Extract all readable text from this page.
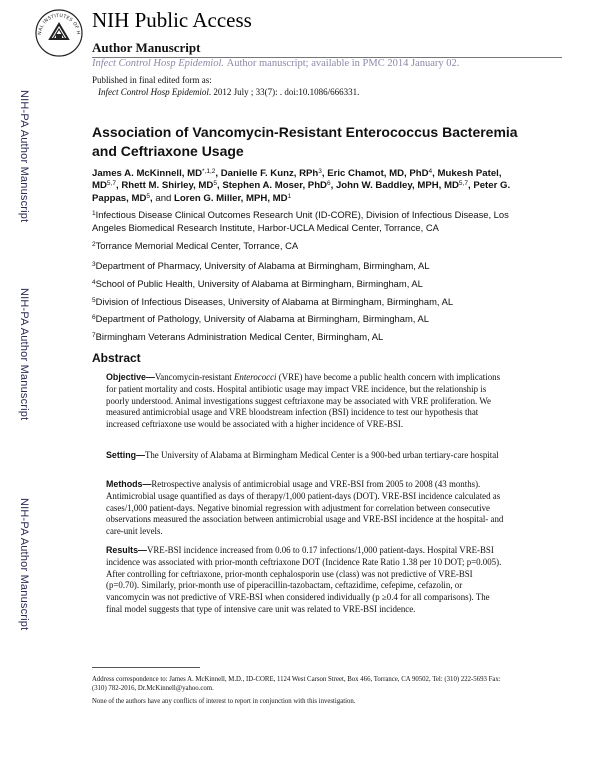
NAL INSTITUTES OF H
NIH Public Access
Author Manuscript
Infect Control Hosp Epidemiol. Author manuscript; available in PMC 2014 January 02.
Published in final edited form as:
Infect Control Hosp Epidemiol. 2012 July ; 33(7): . doi:10.1086/666331.
NIH-PA Author Manuscript
NIH-PA Author Manuscript
NIH-PA Author Manuscript
Association of Vancomycin-Resistant Enterococcus Bacteremia and Ceftriaxone Usage
James A. McKinnell, $MD^{*,1,2}$, Danielle F. Kunz, RPh$^3$, Eric Chamot, MD, PhD$^4$, Mukesh Patel, MD$^{5,7}$, Rhett M. Shirley, $MD^5$, Stephen A. Moser, PhD$^6$, John W. Baddley, MPH, MD$^{5,7}$, Peter G. Pappas, $MD^5$, and Loren G. Miller, MPH, $MD^1$
$^1$Infectious Disease Clinical Outcomes Research Unit (ID-CORE), Division of Infectious Disease, Los Angeles Biomedical Research Institute, Harbor-UCLA Medical Center, Torrance, CA
$^2$Torrance Memorial Medical Center, Torrance, CA
$^3$Department of Pharmacy, University of Alabama at Birmingham, Birmingham, AL
$^4$School of Public Health, University of Alabama at Birmingham, Birmingham, AL
$^5$Division of Infectious Diseases, University of Alabama at Birmingham, Birmingham, AL
$^6$Department of Pathology, University of Alabama at Birmingham, Birmingham, AL
$^7$Birmingham Veterans Administration Medical Center, Birmingham, AL
Abstract
Objective—Vancomycin-resistant Enterococci (VRE) have become a public health concern with implications for patient mortality and costs. Hospital antibiotic usage may impact VRE incidence, but the relationship is poorly understood. Animal investigations suggest ceftriaxone may be associated with VRE proliferation. We measured antimicrobial usage and VRE bloodstream infection (BSI) incidence to test our hypothesis that increased ceftriaxone use would be associated with a higher incidence of VRE-BSI.
Setting—The University of Alabama at Birmingham Medical Center is a 900-bed urban tertiary-care hospital
Methods—Retrospective analysis of antimicrobial usage and VRE-BSI from 2005 to 2008 (43 months). Antimicrobial usage quantified as days of therapy/1,000 patient-days (DOT). VRE-BSI incidence calculated as cases/1,000 patient-days. Negative binomial regression with adjustment for correlation between consecutive observations measured the association between antimicrobial usage and VRE-BSI incidence at the hospital- and care-unit levels.
Results—VRE-BSI incidence increased from 0.06 to 0.17 infections/1,000 patient-days. Hospital VRE-BSI incidence was associated with prior-month ceftriaxone DOT (Incidence Rate Ratio 1.38 per 10 DOT; p=0.005). After controlling for ceftriaxone, prior-month cephalosporin use (class) was not predictive of VRE-BSI (p=0.70). Similarly, prior-month use of piperacillin-tazobactam, ceftazidime, cefepime, cefazolin, or vancomycin was not predictive of VRE-BSI when considered individually (p ≥0.4 for all comparisons). The final model suggests that type of intensive care unit was related to VRE-BSI incidence.
Address correspondence to: James A. McKinnell, M.D., ID-CORE, 1124 West Carson Street, Box 466, Torrance, CA 90502, Tel: (310) 222-5693 Fax: (310) 782-2016, Dr.McKinnell@yahoo.com.
None of the authors have any conflicts of interest to report in conjunction with this investigation.
